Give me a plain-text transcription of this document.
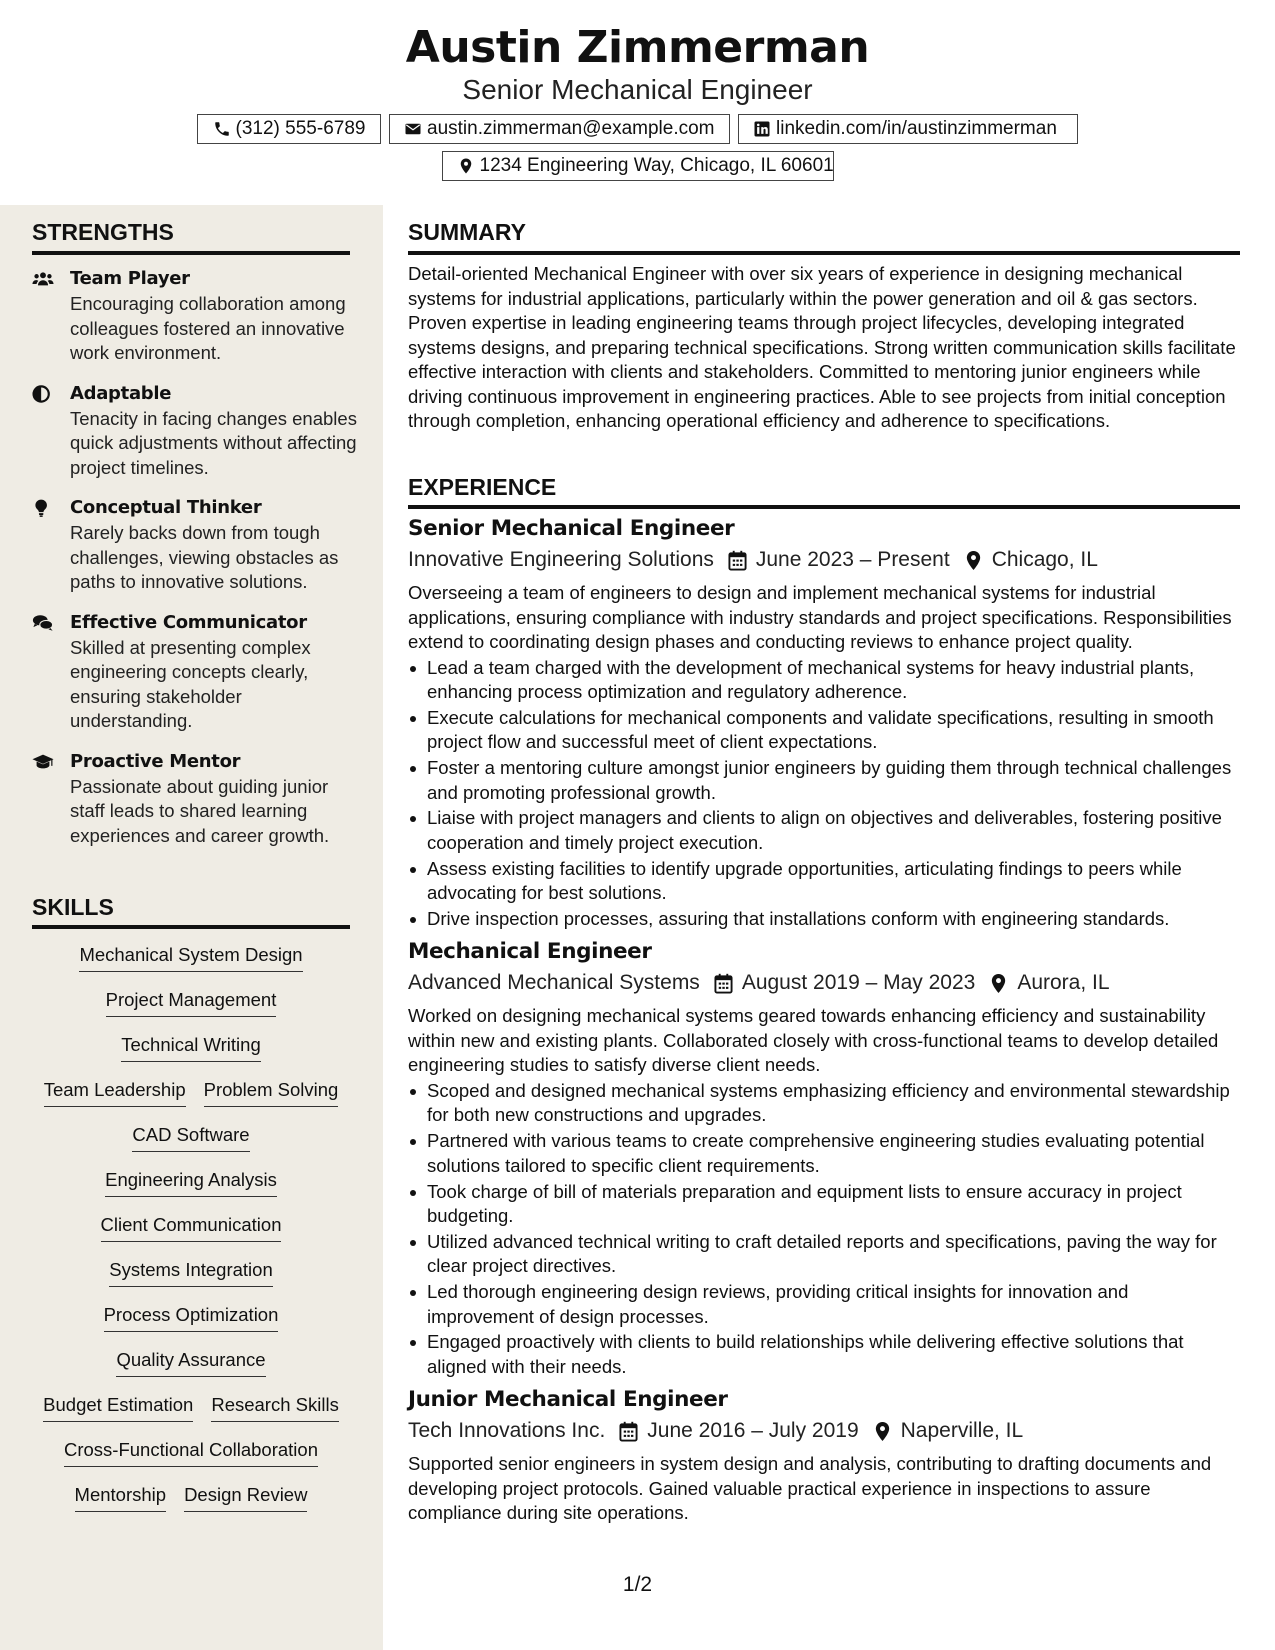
Austin Zimmerman
Senior Mechanical Engineer
(312) 555-6789	austin.zimmerman@example.com	linkedin.com/in/austinzimmerman
1234 Engineering Way, Chicago, IL 60601
STRENGTHS
Team Player
Encouraging collaboration among colleagues fostered an innovative work environment.
Adaptable
Tenacity in facing changes enables quick adjustments without affecting project timelines.
Conceptual Thinker
Rarely backs down from tough challenges, viewing obstacles as paths to innovative solutions.
Effective Communicator
Skilled at presenting complex engineering concepts clearly, ensuring stakeholder understanding.
Proactive Mentor
Passionate about guiding junior staff leads to shared learning experiences and career growth.
SKILLS
Mechanical System Design
Project Management
Technical Writing
Team Leadership Problem Solving
CAD Software
Engineering Analysis
Client Communication
Systems Integration
Process Optimization
Quality Assurance
Budget Estimation Research Skills
Cross-Functional Collaboration
Mentorship Design Review
SUMMARY
Detail-oriented Mechanical Engineer with over six years of experience in designing mechanical systems for industrial applications, particularly within the power generation and oil & gas sectors. Proven expertise in leading engineering teams through project lifecycles, developing integrated systems designs, and preparing technical specifications. Strong written communication skills facilitate effective interaction with clients and stakeholders. Committed to mentoring junior engineers while driving continuous improvement in engineering practices. Able to see projects from initial conception through completion, enhancing operational efficiency and adherence to specifications.
EXPERIENCE
Senior Mechanical Engineer
Innovative Engineering Solutions June 2023 – Present Chicago, IL
Overseeing a team of engineers to design and implement mechanical systems for industrial applications, ensuring compliance with industry standards and project specifications. Responsibilities extend to coordinating design phases and conducting reviews to enhance project quality.
Lead a team charged with the development of mechanical systems for heavy industrial plants, enhancing process optimization and regulatory adherence.
Execute calculations for mechanical components and validate specifications, resulting in smooth project flow and successful meet of client expectations.
Foster a mentoring culture amongst junior engineers by guiding them through technical challenges and promoting professional growth.
Liaise with project managers and clients to align on objectives and deliverables, fostering positive cooperation and timely project execution.
Assess existing facilities to identify upgrade opportunities, articulating findings to peers while advocating for best solutions.
Drive inspection processes, assuring that installations conform with engineering standards.
Mechanical Engineer
Advanced Mechanical Systems August 2019 – May 2023 Aurora, IL
Worked on designing mechanical systems geared towards enhancing efficiency and sustainability within new and existing plants. Collaborated closely with cross-functional teams to develop detailed engineering studies to satisfy diverse client needs.
Scoped and designed mechanical systems emphasizing efficiency and environmental stewardship for both new constructions and upgrades.
Partnered with various teams to create comprehensive engineering studies evaluating potential solutions tailored to specific client requirements.
Took charge of bill of materials preparation and equipment lists to ensure accuracy in project budgeting.
Utilized advanced technical writing to craft detailed reports and specifications, paving the way for clear project directives.
Led thorough engineering design reviews, providing critical insights for innovation and improvement of design processes.
Engaged proactively with clients to build relationships while delivering effective solutions that aligned with their needs.
Junior Mechanical Engineer
Tech Innovations Inc. June 2016 – July 2019 Naperville, IL
Supported senior engineers in system design and analysis, contributing to drafting documents and developing project protocols. Gained valuable practical experience in inspections to assure compliance during site operations.
1/2
